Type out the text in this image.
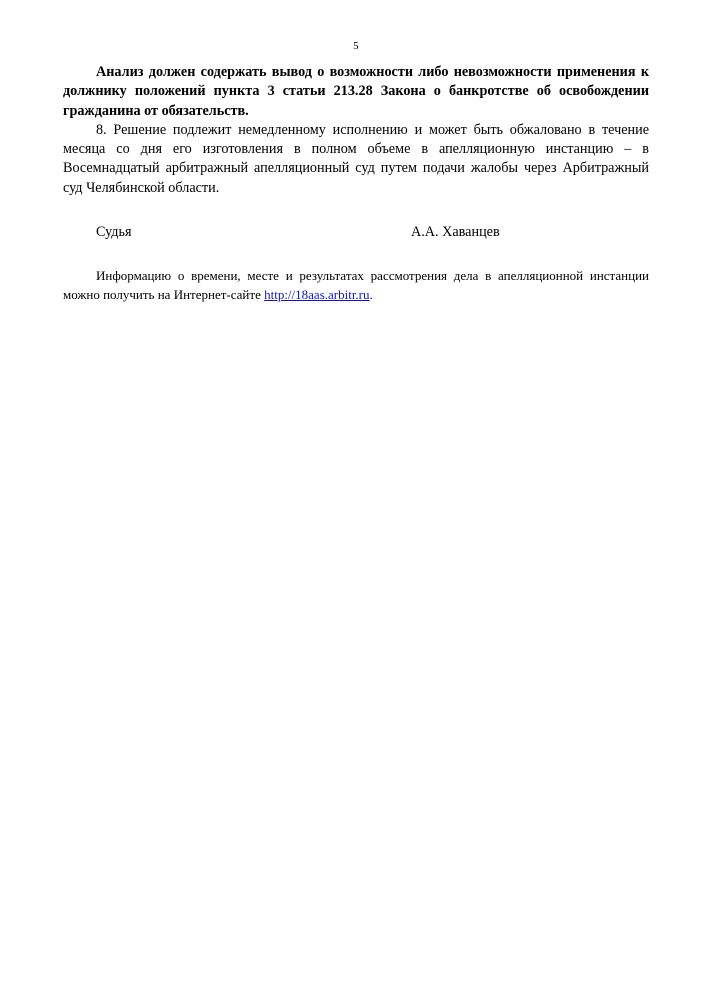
5

Анализ должен содержать вывод о возможности либо невозможности применения к должнику положений пункта 3 статьи 213.28 Закона о банкротстве об освобождении гражданина от обязательств.

8. Решение подлежит немедленному исполнению и может быть обжаловано в течение месяца со дня его изготовления в полном объеме в апелляционную инстанцию – в Восемнадцатый арбитражный апелляционный суд путем подачи жалобы через Арбитражный суд Челябинской области.

Судья	А.А. Хаванцев

Информацию о времени, месте и результатах рассмотрения дела в апелляционной инстанции можно получить на Интернет-сайте http://18aas.arbitr.ru.
